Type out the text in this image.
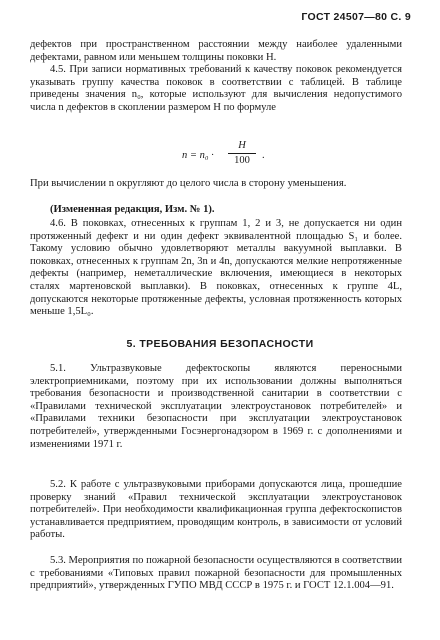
ГОСТ 24507—80 С. 9

дефектов при пространственном расстоянии между наиболее удаленными дефектами, равном или меньшем толщины поковки H.

4.5. При записи нормативных требований к качеству поковок рекомендуется указывать группу качества поковок в соответствии с таблицей. В таблице приведены значения n₀, которые используют для вычисления недопустимого числа n дефектов в скоплении размером H по формуле

n = n₀ ·
H
100	.

При вычислении n округляют до целого числа в сторону уменьшения.

(Измененная редакция, Изм. № 1).

4.6. В поковках, отнесенных к группам 1, 2 и 3, не допускается ни один протяженный дефект и ни один дефект эквивалентной площадью S₁ и более. Такому условию обычно удовлетворяют металлы вакуумной выплавки. В поковках, отнесенных к группам 2n, 3n и 4n, допускаются мелкие непротяженные дефекты (например, неметаллические включения, имеющиеся в некоторых сталях мартеновской выплавки). В поковках, отнесенных к группе 4L, допускаются некоторые протяженные дефекты, условная протяженность которых меньше 1,5L₀.

5. ТРЕБОВАНИЯ БЕЗОПАСНОСТИ

5.1. Ультразвуковые дефектоскопы являются переносными электроприемниками, поэтому при их использовании должны выполняться требования безопасности и производственной санитарии в соответствии с «Правилами технической эксплуатации электроустановок потребителей» и «Правилами техники безопасности при эксплуатации электроустановок потребителей», утвержденными Госэнергонадзором в 1969 г. с дополнениями и изменениями 1971 г.

5.2. К работе с ультразвуковыми приборами допускаются лица, прошедшие проверку знаний «Правил технической эксплуатации электроустановок потребителей». При необходимости квалификационная группа дефектоскопистов устанавливается предприятием, проводящим контроль, в зависимости от условий работы.

5.3. Мероприятия по пожарной безопасности осуществляются в соответствии с требованиями «Типовых правил пожарной безопасности для промышленных предприятий», утвержденных ГУПО МВД СССР в 1975 г. и ГОСТ 12.1.004—91.
